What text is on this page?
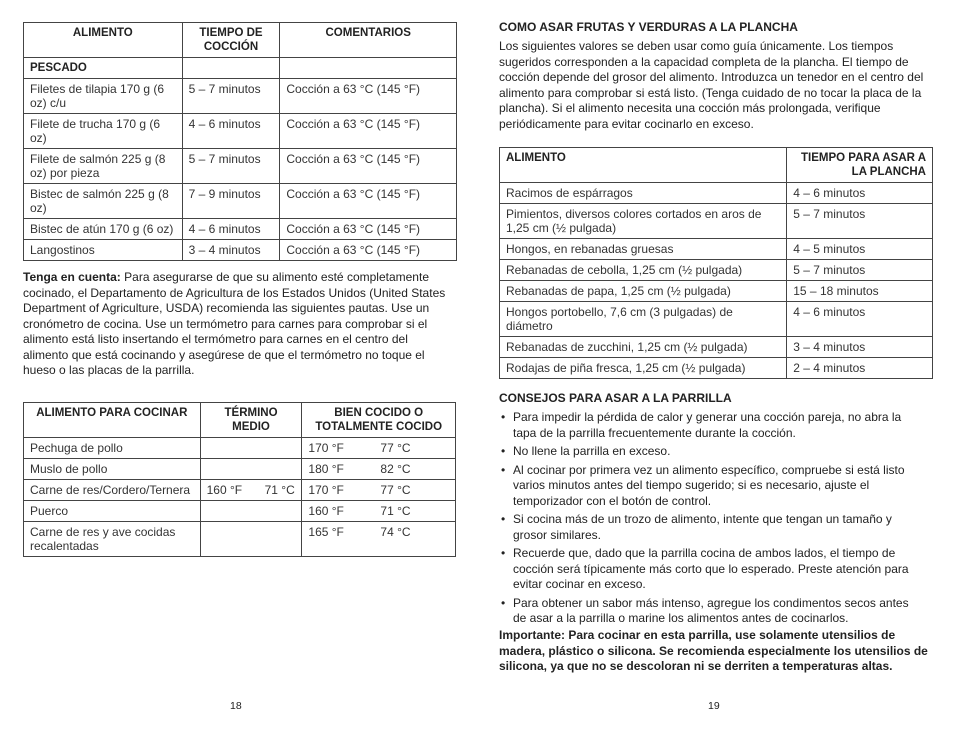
ALIMENTO	TIEMPO DE COCCIÓN	COMENTARIOS
PESCADO		
Filetes de tilapia 170 g (6 oz) c/u	5 – 7 minutos	Cocción a 63 °C (145 °F)
Filete de trucha 170 g (6 oz)	4 – 6 minutos	Cocción a 63 °C (145 °F)
Filete de salmón 225 g (8 oz) por pieza	5 – 7 minutos	Cocción a 63 °C (145 °F)
Bistec de salmón 225 g (8 oz)	7 – 9 minutos	Cocción a 63 °C (145 °F)
Bistec de atún 170 g (6 oz)	4 – 6 minutos	Cocción a 63 °C (145 °F)
Langostinos	3 – 4 minutos	Cocción a 63 °C (145 °F)
Tenga en cuenta: Para asegurarse de que su alimento esté completamente cocinado, el Departamento de Agricultura de los Estados Unidos (United States Department of Agriculture, USDA) recomienda las siguientes pautas. Use un cronómetro de cocina. Use un termómetro para carnes para comprobar si el alimento está listo insertando el termómetro para carnes en el centro del alimento que está cocinando y asegúrese de que el termómetro no toque el hueso o las placas de la parrilla.
ALIMENTO PARA COCINAR	TÉRMINO MEDIO	BIEN COCIDO O TOTALMENTE COCIDO
Pechuga de pollo		170 °F 77 °C
Muslo de pollo		180 °F 82 °C
Carne de res/Cordero/Ternera	160 °F 71 °C	170 °F 77 °C
Puerco		160 °F 71 °C
Carne de res y ave cocidas recalentadas		165 °F 74 °C
18
COMO ASAR FRUTAS Y VERDURAS A LA PLANCHA
Los siguientes valores se deben usar como guía únicamente. Los tiempos sugeridos corresponden a la capacidad completa de la plancha. El tiempo de cocción depende del grosor del alimento. Introduzca un tenedor en el centro del alimento para comprobar si está listo. (Tenga cuidado de no tocar la placa de la plancha). Si el alimento necesita una cocción más prolongada, verifique periódicamente para evitar cocinarlo en exceso.
ALIMENTO	TIEMPO PARA ASAR A LA PLANCHA
Racimos de espárragos	4 – 6 minutos
Pimientos, diversos colores cortados en aros de 1,25 cm (½ pulgada)	5 – 7 minutos
Hongos, en rebanadas gruesas	4 – 5 minutos
Rebanadas de cebolla, 1,25 cm (½ pulgada)	5 – 7 minutos
Rebanadas de papa, 1,25 cm (½ pulgada)	15 – 18 minutos
Hongos portobello, 7,6 cm (3 pulgadas) de diámetro	4 – 6 minutos
Rebanadas de zucchini, 1,25 cm (½ pulgada)	3 – 4 minutos
Rodajas de piña fresca, 1,25 cm (½ pulgada)	2 – 4 minutos
CONSEJOS PARA ASAR A LA PARRILLA
• Para impedir la pérdida de calor y generar una cocción pareja, no abra la tapa de la parrilla frecuentemente durante la cocción.
• No llene la parrilla en exceso.
• Al cocinar por primera vez un alimento específico, compruebe si está listo varios minutos antes del tiempo sugerido; si es necesario, ajuste el temporizador con el botón de control.
• Si cocina más de un trozo de alimento, intente que tengan un tamaño y grosor similares.
• Recuerde que, dado que la parrilla cocina de ambos lados, el tiempo de cocción será típicamente más corto que lo esperado. Preste atención para evitar cocinar en exceso.
• Para obtener un sabor más intenso, agregue los condimentos secos antes de asar a la parrilla o marine los alimentos antes de cocinarlos.
Importante: Para cocinar en esta parrilla, use solamente utensilios de madera, plástico o silicona. Se recomienda especialmente los utensilios de silicona, ya que no se descoloran ni se derriten a temperaturas altas.
19
